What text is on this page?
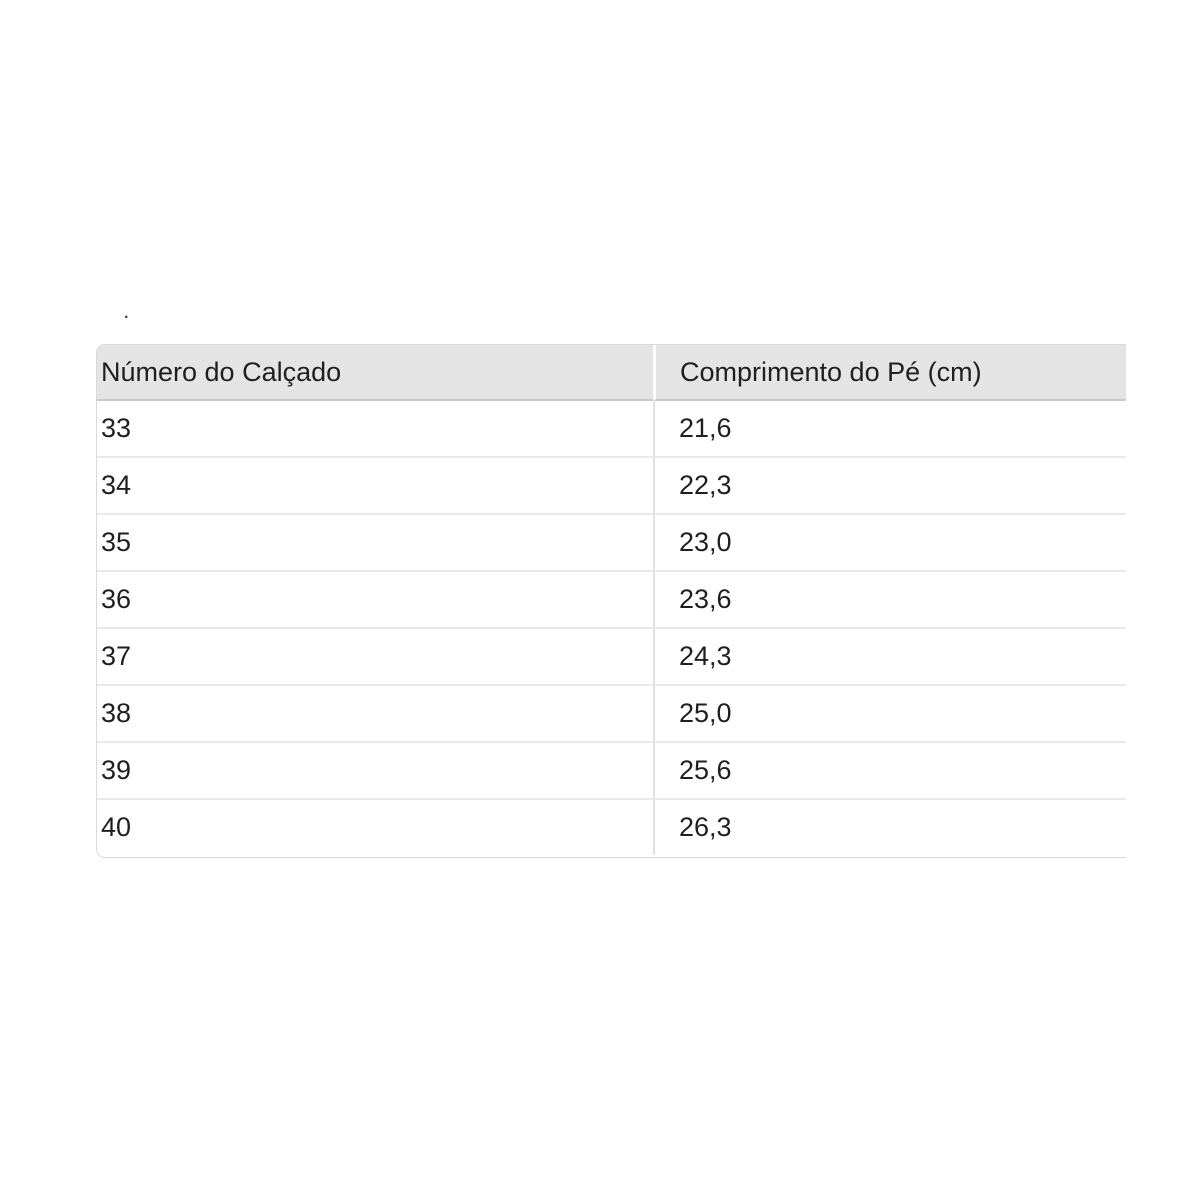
.
Número do Calçado	Comprimento do Pé (cm)
33	21,6
34	22,3
35	23,0
36	23,6
37	24,3
38	25,0
39	25,6
40	26,3
